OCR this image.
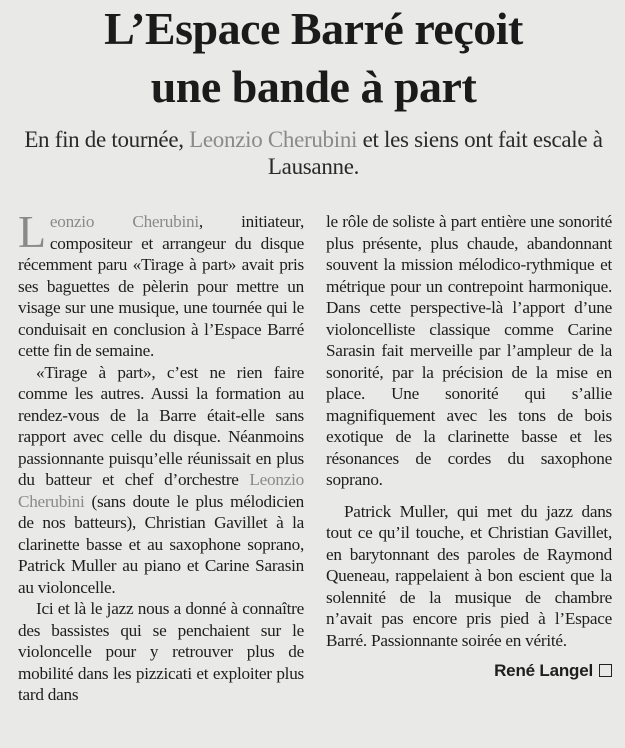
L’Espace Barré reçoit
une bande à part

En fin de tournée, Leonzio Cherubini et les siens ont fait escale à Lausanne.

Leonzio Cherubini, initiateur, compositeur et arrangeur du disque récemment paru «Tirage à part» avait pris ses baguettes de pèlerin pour mettre un visage sur une musique, une tournée qui le conduisait en conclusion à l’Espace Barré cette fin de semaine.

«Tirage à part», c’est ne rien faire comme les autres. Aussi la formation au rendez-vous de la Barre était-elle sans rapport avec celle du disque. Néanmoins passionnante puisqu’elle réunissait en plus du batteur et chef d’orchestre Leonzio Cherubini (sans doute le plus mélodicien de nos batteurs), Christian Gavillet à la clarinette basse et au saxophone soprano, Patrick Muller au piano et Carine Sarasin au violoncelle.

Ici et là le jazz nous a donné à connaître des bassistes qui se penchaient sur le violoncelle pour y retrouver plus de mobilité dans les pizzicati et exploiter plus tard dans

le rôle de soliste à part entière une sonorité plus présente, plus chaude, abandonnant souvent la mission mélodico-rythmique et métrique pour un contrepoint harmonique. Dans cette perspective-là l’apport d’une violoncelliste classique comme Carine Sarasin fait merveille par l’ampleur de la sonorité, par la précision de la mise en place. Une sonorité qui s’allie magnifiquement avec les tons de bois exotique de la clarinette basse et les résonances de cordes du saxophone soprano.

Patrick Muller, qui met du jazz dans tout ce qu’il touche, et Christian Gavillet, en barytonnant des paroles de Raymond Queneau, rappelaient à bon escient que la solennité de la musique de chambre n’avait pas encore pris pied à l’Espace Barré. Passionnante soirée en vérité.

René Langel
